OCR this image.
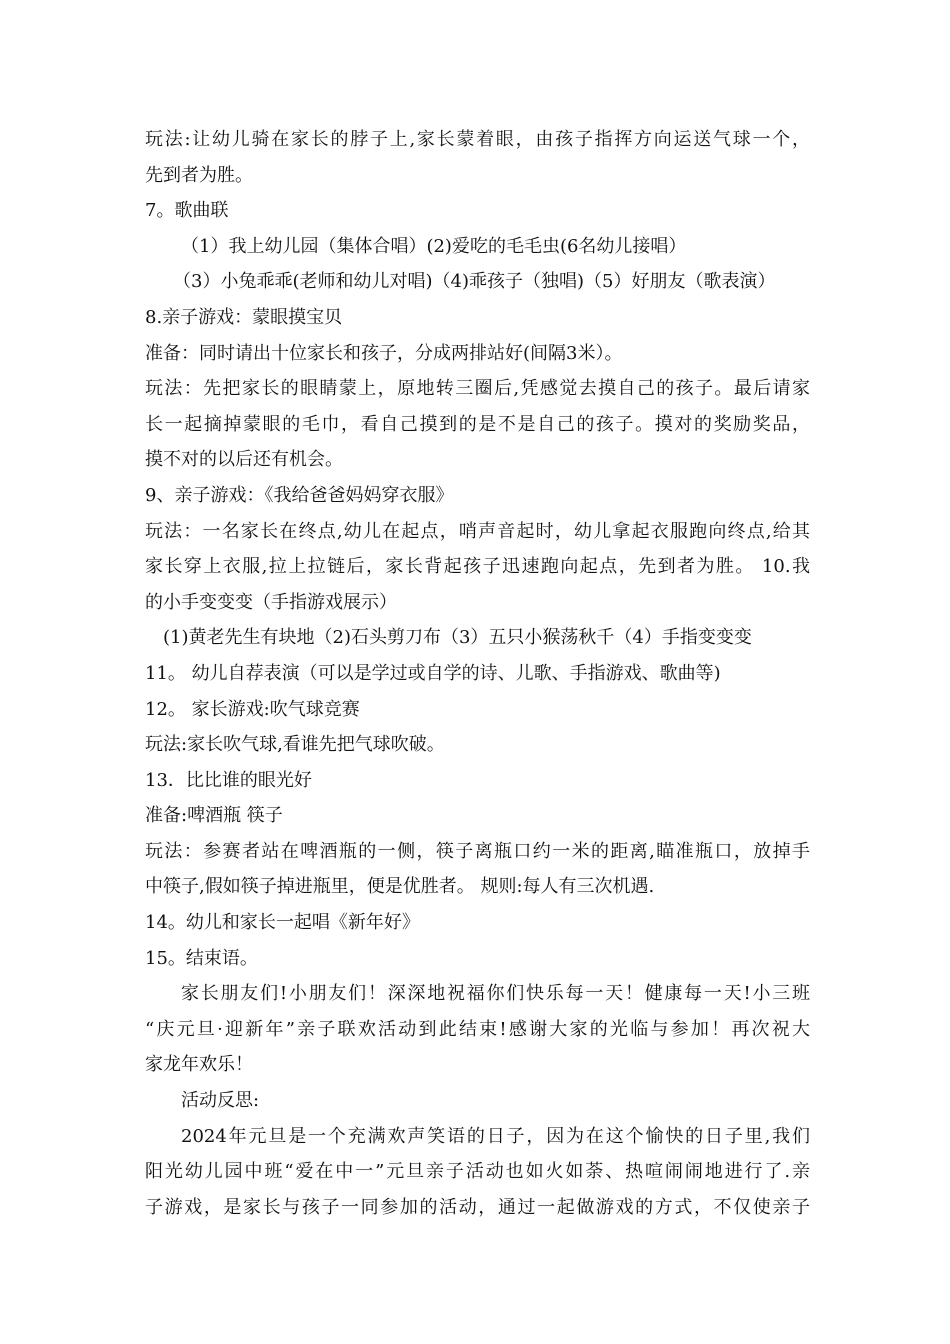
玩法:让幼儿骑在家长的脖子上,家长蒙着眼，由孩子指挥方向运送气球一个，
先到者为胜。
7。歌曲联
（1）我上幼儿园（集体合唱）(2)爱吃的毛毛虫(6名幼儿接唱）
（3）小兔乖乖(老师和幼儿对唱)（4)乖孩子（独唱)（5）好朋友（歌表演）
8.亲子游戏：蒙眼摸宝贝
准备：同时请出十位家长和孩子，分成两排站好(间隔3米）。
玩法：先把家长的眼睛蒙上，原地转三圈后,凭感觉去摸自己的孩子。最后请家
长一起摘掉蒙眼的毛巾，看自己摸到的是不是自己的孩子。摸对的奖励奖品，
摸不对的以后还有机会。
9、亲子游戏：《我给爸爸妈妈穿衣服》
玩法：一名家长在终点,幼儿在起点，哨声音起时，幼儿拿起衣服跑向终点,给其
家长穿上衣服,拉上拉链后，家长背起孩子迅速跑向起点，先到者为胜。 10.我
的小手变变变（手指游戏展示）
(1)黄老先生有块地（2)石头剪刀布（3）五只小猴荡秋千（4）手指变变变
11。 幼儿自荐表演（可以是学过或自学的诗、儿歌、手指游戏、歌曲等)
12。 家长游戏:吹气球竞赛
玩法:家长吹气球,看谁先把气球吹破。
13．比比谁的眼光好
准备:啤酒瓶 筷子
玩法：参赛者站在啤酒瓶的一侧，筷子离瓶口约一米的距离,瞄准瓶口，放掉手
中筷子,假如筷子掉进瓶里，便是优胜者。 规则:每人有三次机遇.
14。幼儿和家长一起唱《新年好》
15。结束语。
家长朋友们!小朋友们！深深地祝福你们快乐每一天！健康每一天!小三班
“庆元旦·迎新年”亲子联欢活动到此结束!感谢大家的光临与参加！再次祝大
家龙年欢乐！
活动反思:
2024年元旦是一个充满欢声笑语的日子，因为在这个愉快的日子里,我们
阳光幼儿园中班“爱在中一”元旦亲子活动也如火如荼、热喧闹闹地进行了.亲
子游戏，是家长与孩子一同参加的活动，通过一起做游戏的方式，不仅使亲子
